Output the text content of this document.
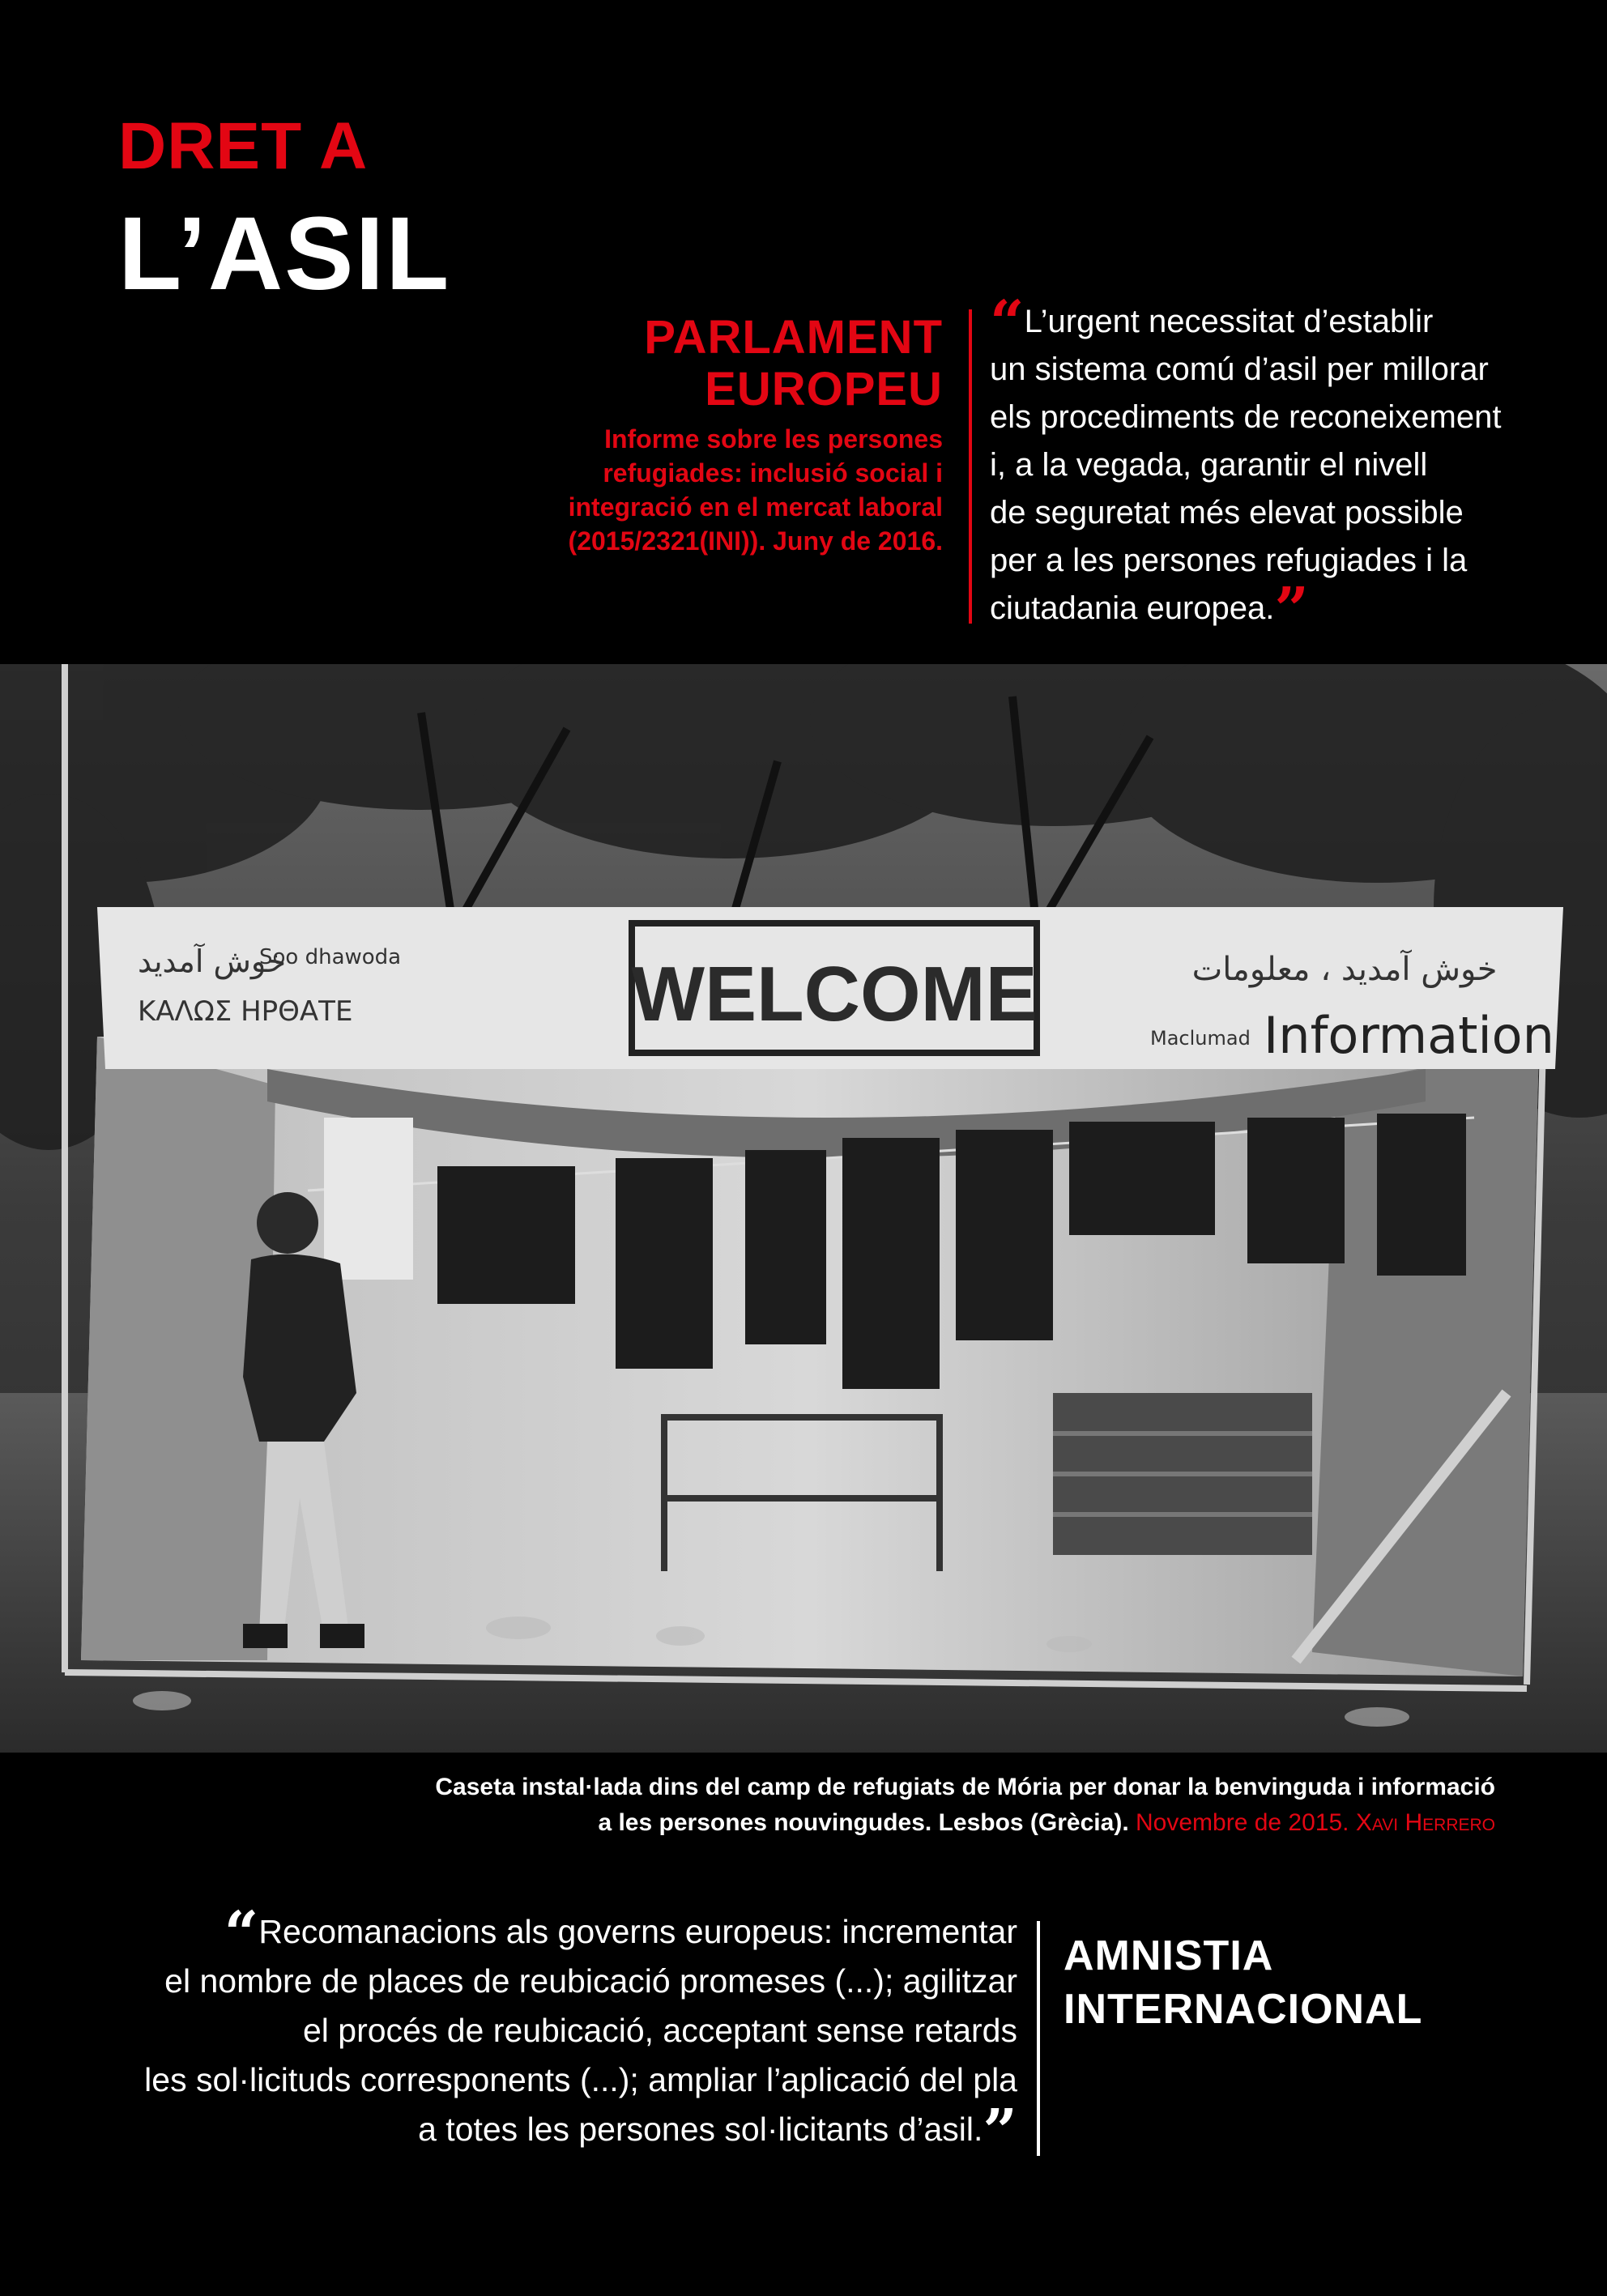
DRET A
L’ASIL
PARLAMENT EUROPEU
Informe sobre les persones
refugiades: inclusió social i
integració en el mercat laboral
(2015/2321(INI)). Juny de 2016.
“L’urgent necessitat d’establir
un sistema comú d’asil per millorar
els procediments de reconeixement
i, a la vegada, garantir el nivell
de seguretat més elevat possible
per a les persones refugiades i la
ciutadania europea.”
WELCOME
خوش آمدید
Soo dhawoda
ΚΑΛΩΣ ΗΡΘΑΤΕ
خوش آمدید ، معلومات
Maclumad Information
Caseta instal·lada dins del camp de refugiats de Mória per donar la benvinguda i informació
a les persones nouvingudes. Lesbos (Grècia). Novembre de 2015. Xavi Herrero
“Recomanacions als governs europeus: incrementar
el nombre de places de reubicació promeses (...); agilitzar
el procés de reubicació, acceptant sense retards
les sol·licituds corresponents (...); ampliar l’aplicació del pla
a totes les persones sol·licitants d’asil.”
AMNISTIA
INTERNACIONAL
